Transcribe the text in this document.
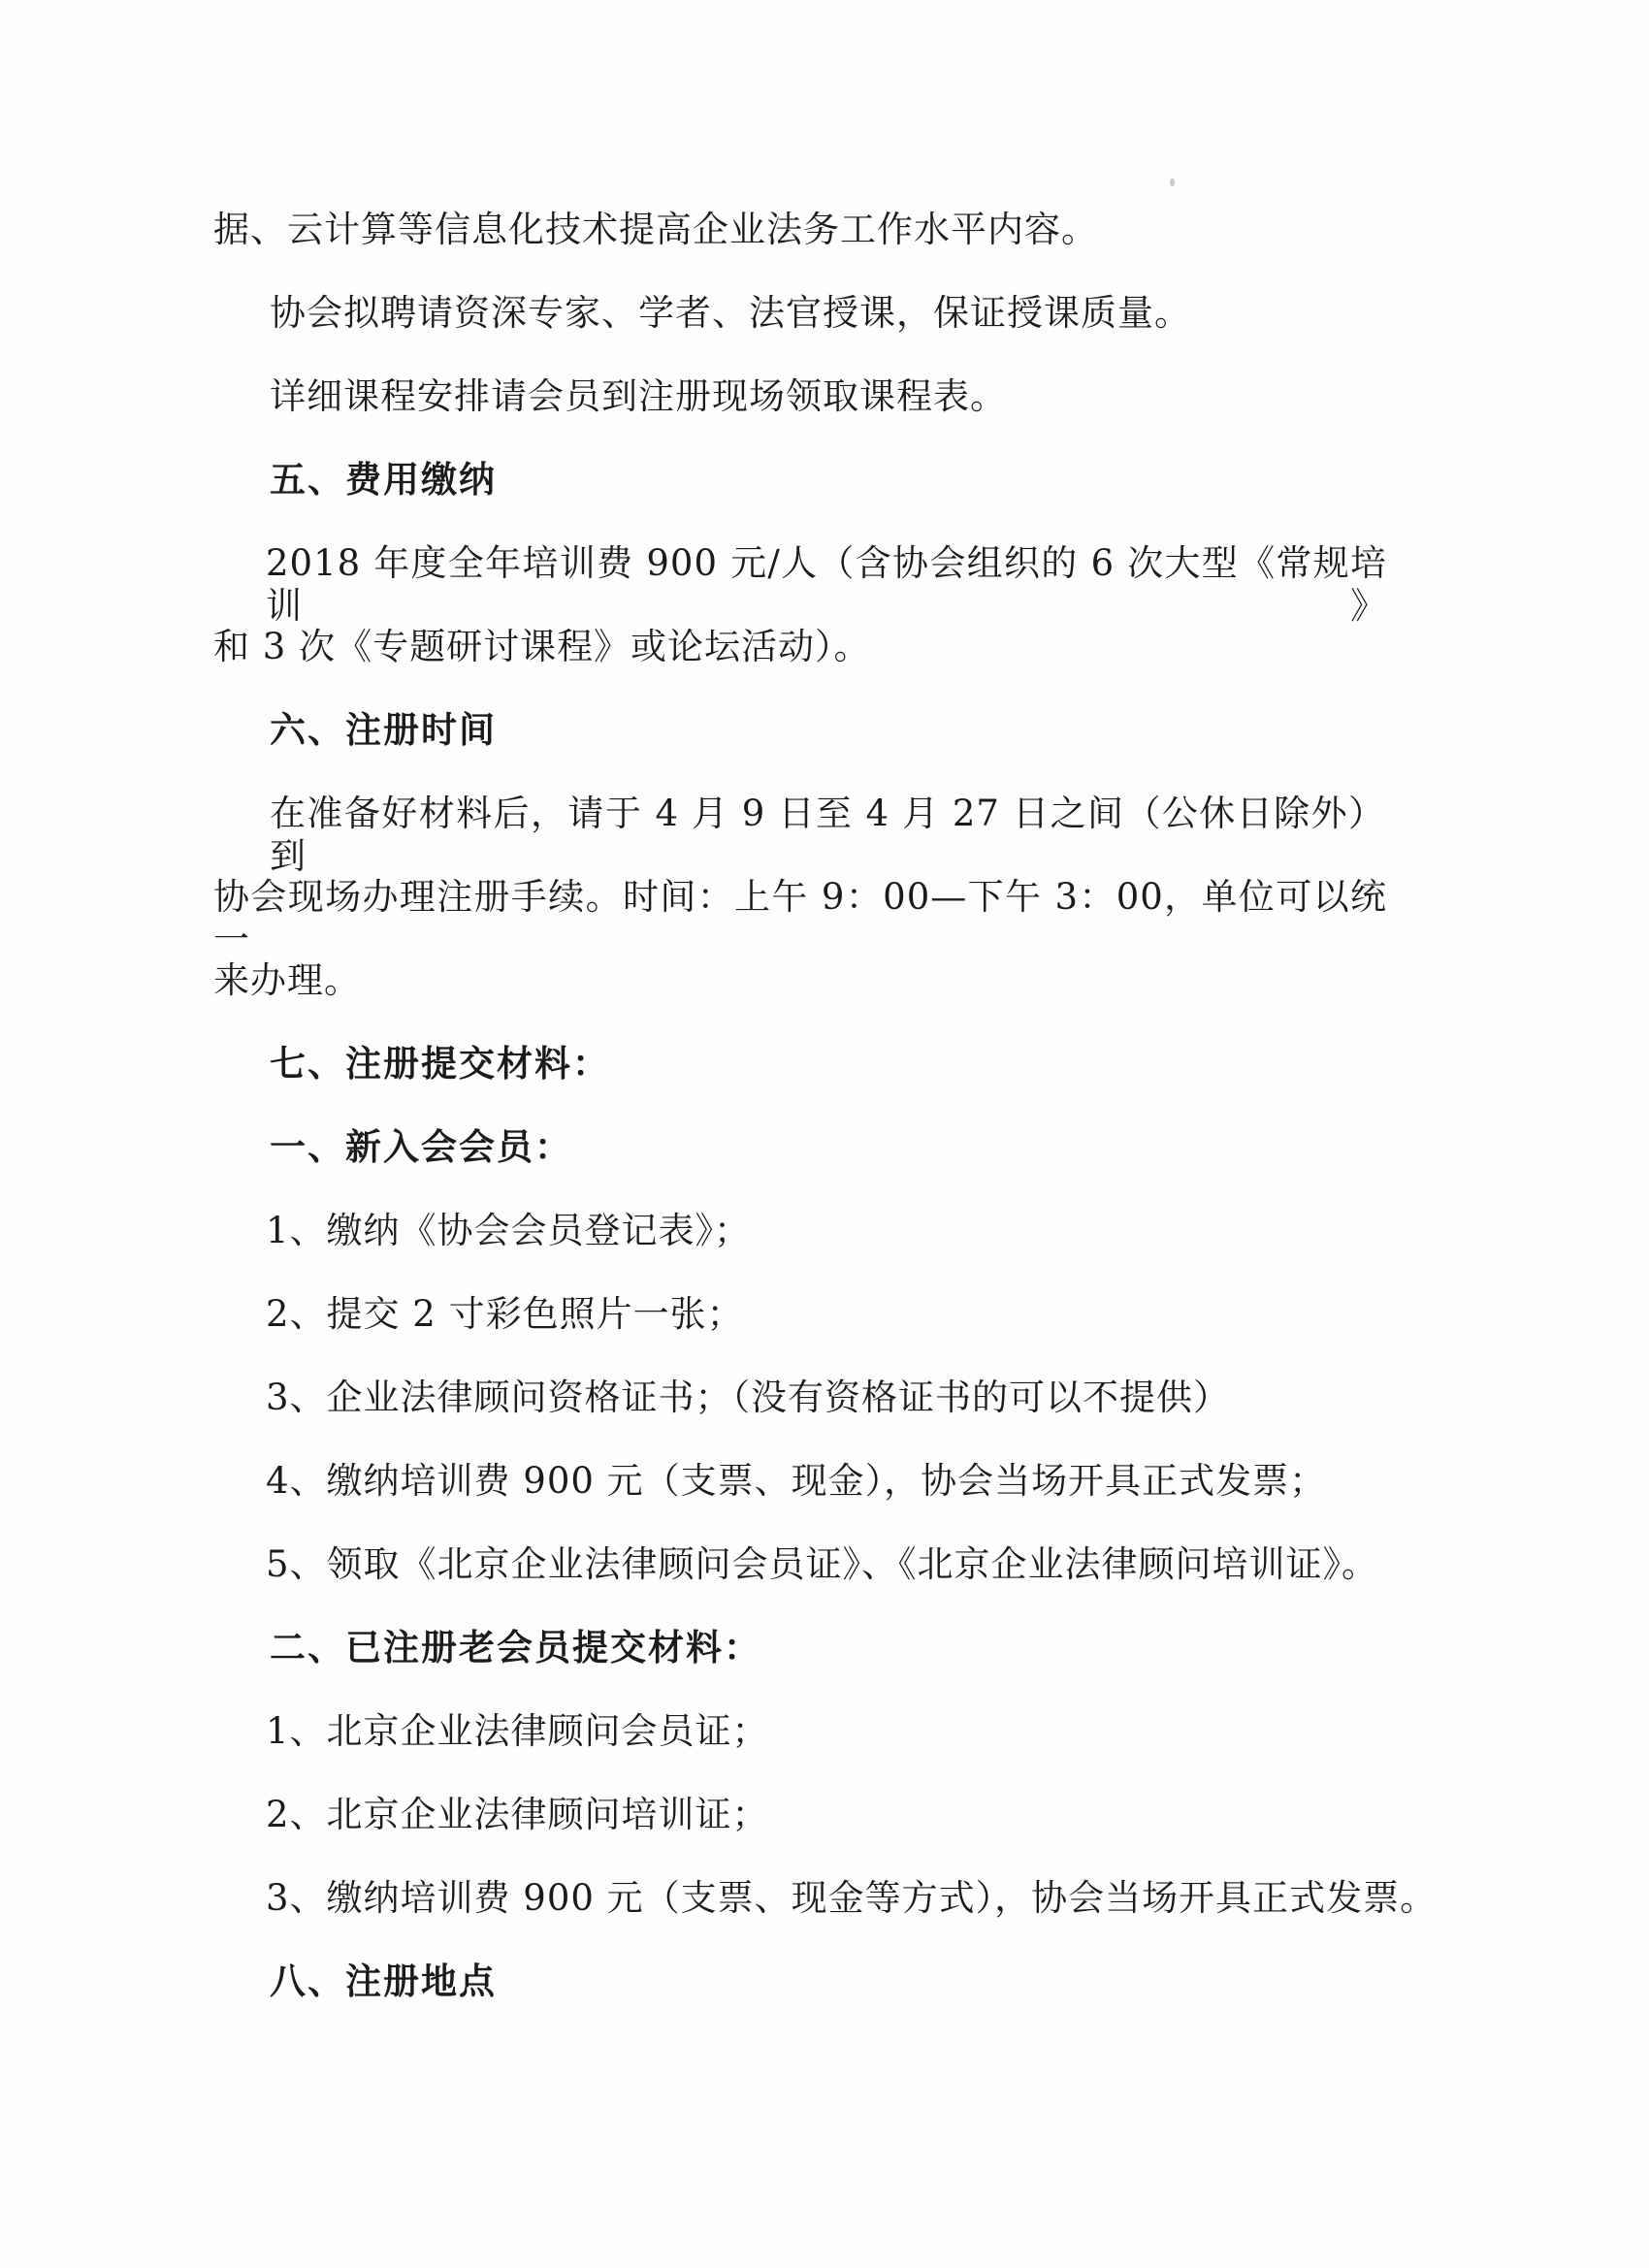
据、云计算等信息化技术提高企业法务工作水平内容。
协会拟聘请资深专家、学者、法官授课，保证授课质量。
详细课程安排请会员到注册现场领取课程表。
五、费用缴纳
2018 年度全年培训费 900 元/人（含协会组织的 6 次大型《常规培训》
和 3 次《专题研讨课程》或论坛活动）。
六、注册时间
在准备好材料后，请于 4 月 9 日至 4 月 27 日之间（公休日除外）到
协会现场办理注册手续。时间：上午 9：00—下午 3：00，单位可以统一
来办理。
七、注册提交材料：
一、新入会会员：
1、缴纳《协会会员登记表》；
2、提交 2 寸彩色照片一张；
3、企业法律顾问资格证书；（没有资格证书的可以不提供）
4、缴纳培训费 900 元（支票、现金），协会当场开具正式发票；
5、领取《北京企业法律顾问会员证》、《北京企业法律顾问培训证》。
二、已注册老会员提交材料：
1、北京企业法律顾问会员证；
2、北京企业法律顾问培训证；
3、缴纳培训费 900 元（支票、现金等方式），协会当场开具正式发票。
八、注册地点
